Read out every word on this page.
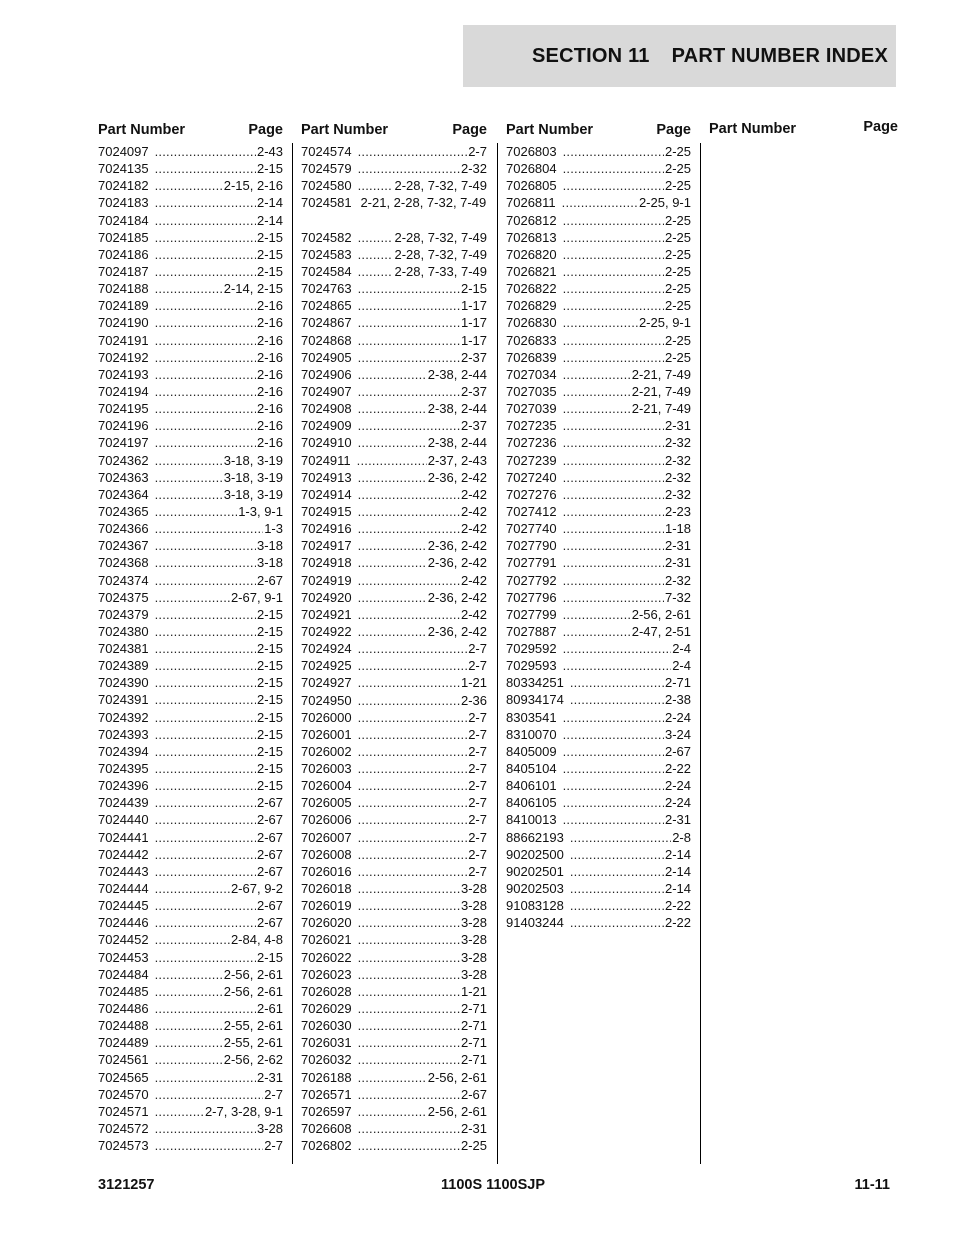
SECTION 11 PART NUMBER INDEX
Part Number	Page
7024097 .....	2-43
7024135 .....	2-15
7024182 .....	2-15, 2-16
7024183 .....	2-14
7024184 .....	2-14
7024185 .....	2-15
7024186 .....	2-15
7024187 .....	2-15
7024188 .....	2-14, 2-15
7024189 .....	2-16
7024190 .....	2-16
7024191 .....	2-16
7024192 .....	2-16
7024193 .....	2-16
7024194 .....	2-16
7024195 .....	2-16
7024196 .....	2-16
7024197 .....	2-16
7024362 .....	3-18, 3-19
7024363 .....	3-18, 3-19
7024364 .....	3-18, 3-19
7024365 .....	1-3, 9-1
7024366 .....	1-3
7024367 .....	3-18
7024368 .....	3-18
7024374 .....	2-67
7024375 .....	2-67, 9-1
7024379 .....	2-15
7024380 .....	2-15
7024381 .....	2-15
7024389 .....	2-15
7024390 .....	2-15
7024391 .....	2-15
7024392 .....	2-15
7024393 .....	2-15
7024394 .....	2-15
7024395 .....	2-15
7024396 .....	2-15
7024439 .....	2-67
7024440 .....	2-67
7024441 .....	2-67
7024442 .....	2-67
7024443 .....	2-67
7024444 .....	2-67, 9-2
7024445 .....	2-67
7024446 .....	2-67
7024452 .....	2-84, 4-8
7024453 .....	2-15
7024484 .....	2-56, 2-61
7024485 .....	2-56, 2-61
7024486 .....	2-61
7024488 .....	2-55, 2-61
7024489 .....	2-55, 2-61
7024561 .....	2-56, 2-62
7024565 .....	2-31
7024570 .....	2-7
7024571 .....	2-7, 3-28, 9-1
7024572 .....	3-28
7024573 .....	2-7
Part Number	Page
7024574 .....	2-7
7024579 .....	2-32
7024580 .....	2-28, 7-32, 7-49
7024581 2-21, 2-28, 7-32, 7-49
7024582 .....	2-28, 7-32, 7-49
7024583 .....	2-28, 7-32, 7-49
7024584 .....	2-28, 7-33, 7-49
7024763 .....	2-15
7024865 .....	1-17
7024867 .....	1-17
7024868 .....	1-17
7024905 .....	2-37
7024906 .....	2-38, 2-44
7024907 .....	2-37
7024908 .....	2-38, 2-44
7024909 .....	2-37
7024910 .....	2-38, 2-44
7024911 .....	2-37, 2-43
7024913 .....	2-36, 2-42
7024914 .....	2-42
7024915 .....	2-42
7024916 .....	2-42
7024917 .....	2-36, 2-42
7024918 .....	2-36, 2-42
7024919 .....	2-42
7024920 .....	2-36, 2-42
7024921 .....	2-42
7024922 .....	2-36, 2-42
7024924 .....	2-7
7024925 .....	2-7
7024927 .....	1-21
7024950 .....	2-36
7026000 .....	2-7
7026001 .....	2-7
7026002 .....	2-7
7026003 .....	2-7
7026004 .....	2-7
7026005 .....	2-7
7026006 .....	2-7
7026007 .....	2-7
7026008 .....	2-7
7026016 .....	2-7
7026018 .....	3-28
7026019 .....	3-28
7026020 .....	3-28
7026021 .....	3-28
7026022 .....	3-28
7026023 .....	3-28
7026028 .....	1-21
7026029 .....	2-71
7026030 .....	2-71
7026031 .....	2-71
7026032 .....	2-71
7026188 .....	2-56, 2-61
7026571 .....	2-67
7026597 .....	2-56, 2-61
7026608 .....	2-31
7026802 .....	2-25
Part Number	Page
7026803 .....	2-25
7026804 .....	2-25
7026805 .....	2-25
7026811 .....	2-25, 9-1
7026812 .....	2-25
7026813 .....	2-25
7026820 .....	2-25
7026821 .....	2-25
7026822 .....	2-25
7026829 .....	2-25
7026830 .....	2-25, 9-1
7026833 .....	2-25
7026839 .....	2-25
7027034 .....	2-21, 7-49
7027035 .....	2-21, 7-49
7027039 .....	2-21, 7-49
7027235 .....	2-31
7027236 .....	2-32
7027239 .....	2-32
7027240 .....	2-32
7027276 .....	2-32
7027412 .....	2-23
7027740 .....	1-18
7027790 .....	2-31
7027791 .....	2-31
7027792 .....	2-32
7027796 .....	7-32
7027799 .....	2-56, 2-61
7027887 .....	2-47, 2-51
7029592 .....	2-4
7029593 .....	2-4
80334251 .....	2-71
80934174 .....	2-38
8303541 .....	2-24
8310070 .....	3-24
8405009 .....	2-67
8405104 .....	2-22
8406101 .....	2-24
8406105 .....	2-24
8410013 .....	2-31
88662193 .....	2-8
90202500 .....	2-14
90202501 .....	2-14
90202503 .....	2-14
91083128 .....	2-22
91403244 .....	2-22
Part Number	Page
3121257	1100S 1100SJP	11-11
